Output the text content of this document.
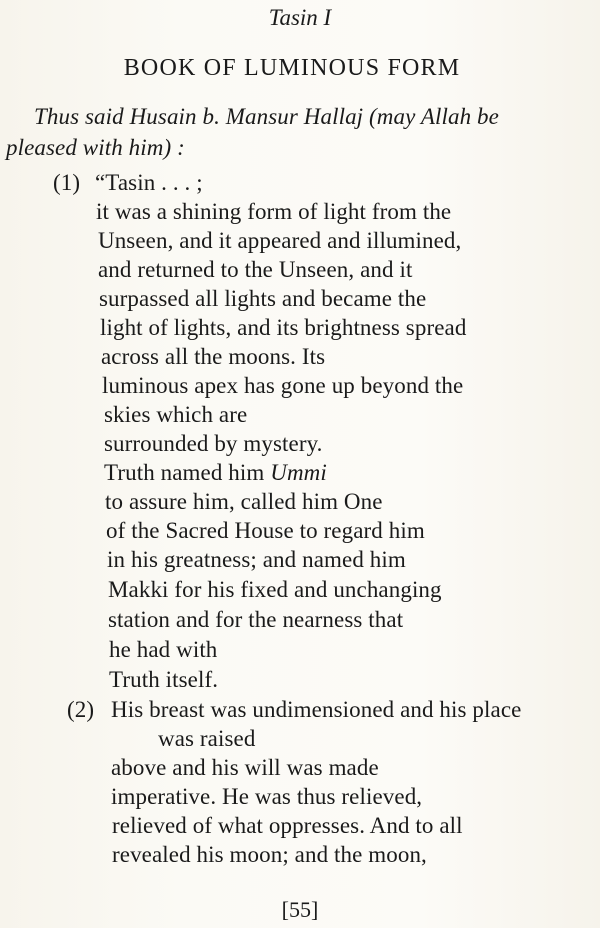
Tasin I
BOOK OF LUMINOUS FORM
Thus said Husain b. Mansur Hallaj (may Allah be
pleased with him) :
(1) “Tasin . . . ;
it was a shining form of light from the
Unseen, and it appeared and illumined,
and returned to the Unseen, and it
surpassed all lights and became the
light of lights, and its brightness spread
across all the moons. Its
luminous apex has gone up beyond the
skies which are
surrounded by mystery.
Truth named him Ummi
to assure him, called him One
of the Sacred House to regard him
in his greatness; and named him
Makki for his fixed and unchanging
station and for the nearness that
he had with
Truth itself.
(2) His breast was undimensioned and his place
was raised
above and his will was made
imperative. He was thus relieved,
relieved of what oppresses. And to all
revealed his moon; and the moon,
[55]
